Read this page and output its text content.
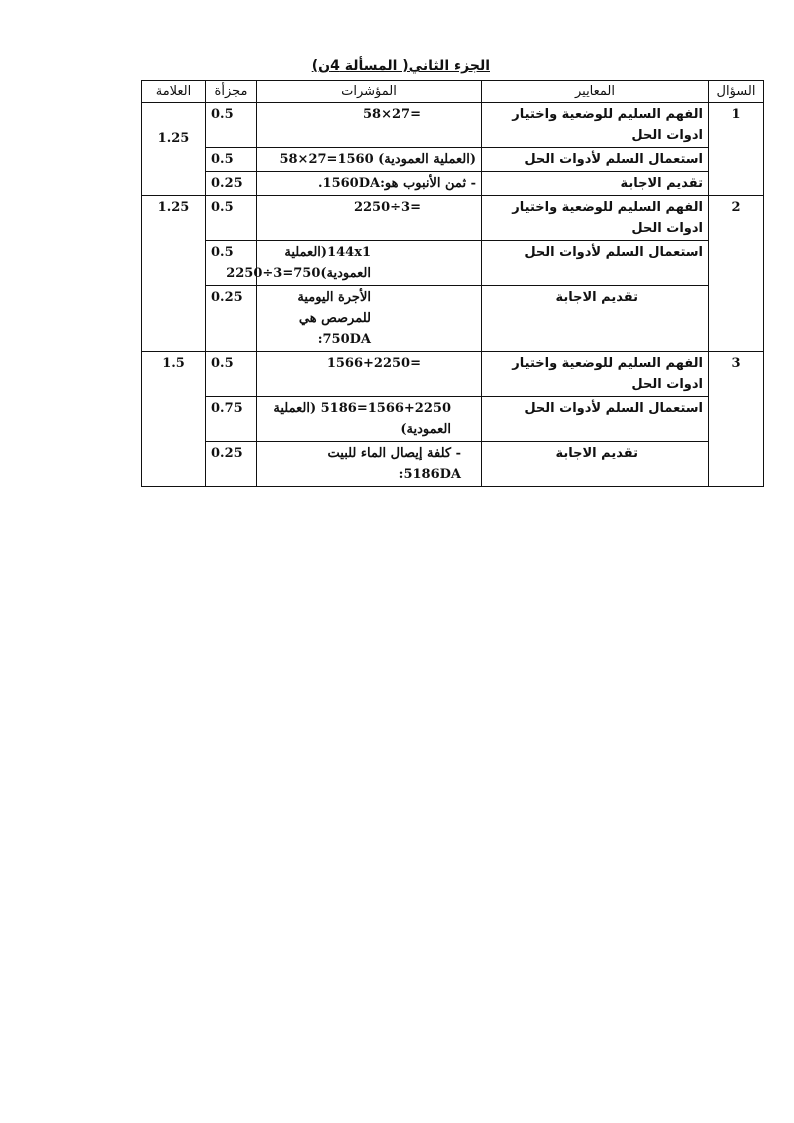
الجزء الثاني( المسألة 4ن)
العلامة	مجزأة	المؤشرات	المعايير	السؤال
1.25	0.5	=27×58	الفهم السليم للوضعية واختيار ادوات الحل	1
	0.5	(العملية العمودية) 1560=27×58	استعمال السلم لأدوات الحل	
	0.25	- ثمن الأنبوب هو:1560DA.	تقديم الاجابة	
1.25	0.5	=3÷2250	الفهم السليم للوضعية واختيار ادوات الحل	2
	0.5	144x1(العملية العمودية)750=3÷2250	استعمال السلم لأدوات الحل	
	0.25	الأجرة اليومية للمرصص هي 750DA:	تقديم الاجابة	
1.5	0.5	=1566+2250	الفهم السليم للوضعية واختيار ادوات الحل	3
	0.75	1566+2250=5186 (العملية العمودية)	استعمال السلم لأدوات الحل	
	0.25	- كلفة إيصال الماء للبيت 5186DA:	تقديم الاجابة	
